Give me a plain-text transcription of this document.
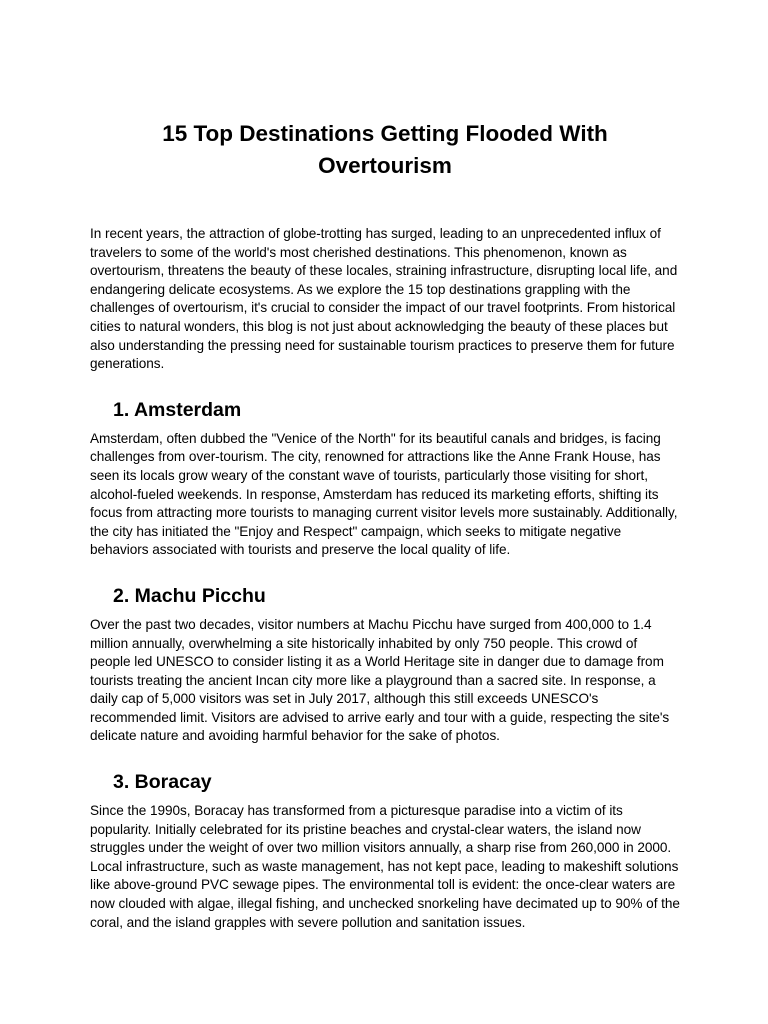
15 Top Destinations Getting Flooded With Overtourism

In recent years, the attraction of globe-trotting has surged, leading to an unprecedented influx of travelers to some of the world's most cherished destinations. This phenomenon, known as overtourism, threatens the beauty of these locales, straining infrastructure, disrupting local life, and endangering delicate ecosystems. As we explore the 15 top destinations grappling with the challenges of overtourism, it's crucial to consider the impact of our travel footprints. From historical cities to natural wonders, this blog is not just about acknowledging the beauty of these places but also understanding the pressing need for sustainable tourism practices to preserve them for future generations.

1. Amsterdam

Amsterdam, often dubbed the "Venice of the North" for its beautiful canals and bridges, is facing challenges from over-tourism. The city, renowned for attractions like the Anne Frank House, has seen its locals grow weary of the constant wave of tourists, particularly those visiting for short, alcohol-fueled weekends. In response, Amsterdam has reduced its marketing efforts, shifting its focus from attracting more tourists to managing current visitor levels more sustainably. Additionally, the city has initiated the "Enjoy and Respect" campaign, which seeks to mitigate negative behaviors associated with tourists and preserve the local quality of life.

2. Machu Picchu

Over the past two decades, visitor numbers at Machu Picchu have surged from 400,000 to 1.4 million annually, overwhelming a site historically inhabited by only 750 people. This crowd of people led UNESCO to consider listing it as a World Heritage site in danger due to damage from tourists treating the ancient Incan city more like a playground than a sacred site. In response, a daily cap of 5,000 visitors was set in July 2017, although this still exceeds UNESCO's recommended limit. Visitors are advised to arrive early and tour with a guide, respecting the site's delicate nature and avoiding harmful behavior for the sake of photos.

3. Boracay

Since the 1990s, Boracay has transformed from a picturesque paradise into a victim of its popularity. Initially celebrated for its pristine beaches and crystal-clear waters, the island now struggles under the weight of over two million visitors annually, a sharp rise from 260,000 in 2000. Local infrastructure, such as waste management, has not kept pace, leading to makeshift solutions like above-ground PVC sewage pipes. The environmental toll is evident: the once-clear waters are now clouded with algae, illegal fishing, and unchecked snorkeling have decimated up to 90% of the coral, and the island grapples with severe pollution and sanitation issues.
